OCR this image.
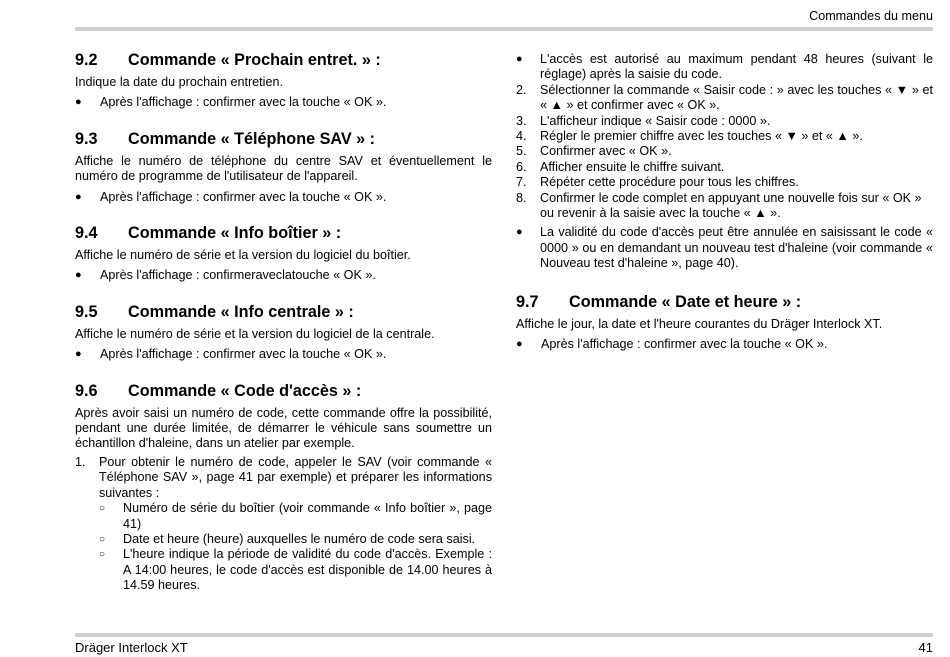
Commandes du menu
9.2	Commande « Prochain entret. » :
Indique la date du prochain entretien.
●	Après l'affichage : confirmer avec la touche « OK ».
9.3	Commande « Téléphone SAV » :
Affiche le numéro de téléphone du centre SAV et éventuellement le numéro de programme de l'utilisateur de l'appareil.
●	Après l'affichage : confirmer avec la touche « OK ».
9.4	Commande « Info boîtier » :
Affiche le numéro de série et la version du logiciel du boîtier.
●	Après l'affichage : confirmeraveclatouche « OK ».
9.5	Commande « Info centrale » :
Affiche le numéro de série et la version du logiciel de la centrale.
●	Après l'affichage : confirmer avec la touche « OK ».
9.6	Commande « Code d'accès » :
Après avoir saisi un numéro de code, cette commande offre la possibilité, pendant une durée limitée, de démarrer le véhicule sans soumettre un échantillon d'haleine, dans un atelier par exemple.
1.	Pour obtenir le numéro de code, appeler le SAV (voir commande « Téléphone SAV », page 41 par exemple) et préparer les informations suivantes :
○	Numéro de série du boîtier (voir commande « Info boîtier », page 41)
○	Date et heure (heure) auxquelles le numéro de code sera saisi.
○	L'heure indique la période de validité du code d'accès. Exemple : A 14:00 heures, le code d'accès est disponible de 14.00 heures à 14.59 heures.
●	L'accès est autorisé au maximum pendant 48 heures (suivant le réglage) après la saisie du code.
2.	Sélectionner la commande « Saisir code : » avec les touches « ▼ » et « ▲ » et confirmer avec « OK ».
3.	L'afficheur indique « Saisir code : 0000 ».
4.	Régler le premier chiffre avec les touches « ▼ » et « ▲ ».
5.	Confirmer avec « OK ».
6.	Afficher ensuite le chiffre suivant.
7.	Répéter cette procédure pour tous les chiffres.
8.	Confirmer le code complet en appuyant une nouvelle fois sur « OK » ou revenir à la saisie avec la touche « ▲ ».
●	La validité du code d'accès peut être annulée en saisissant le code « 0000 » ou en demandant un nouveau test d'haleine (voir commande « Nouveau test d'haleine », page 40).
9.7	Commande « Date et heure » :
Affiche le jour, la date et l'heure courantes du Dräger Interlock XT.
●	Après l'affichage : confirmer avec la touche « OK ».
Dräger Interlock XT	41
